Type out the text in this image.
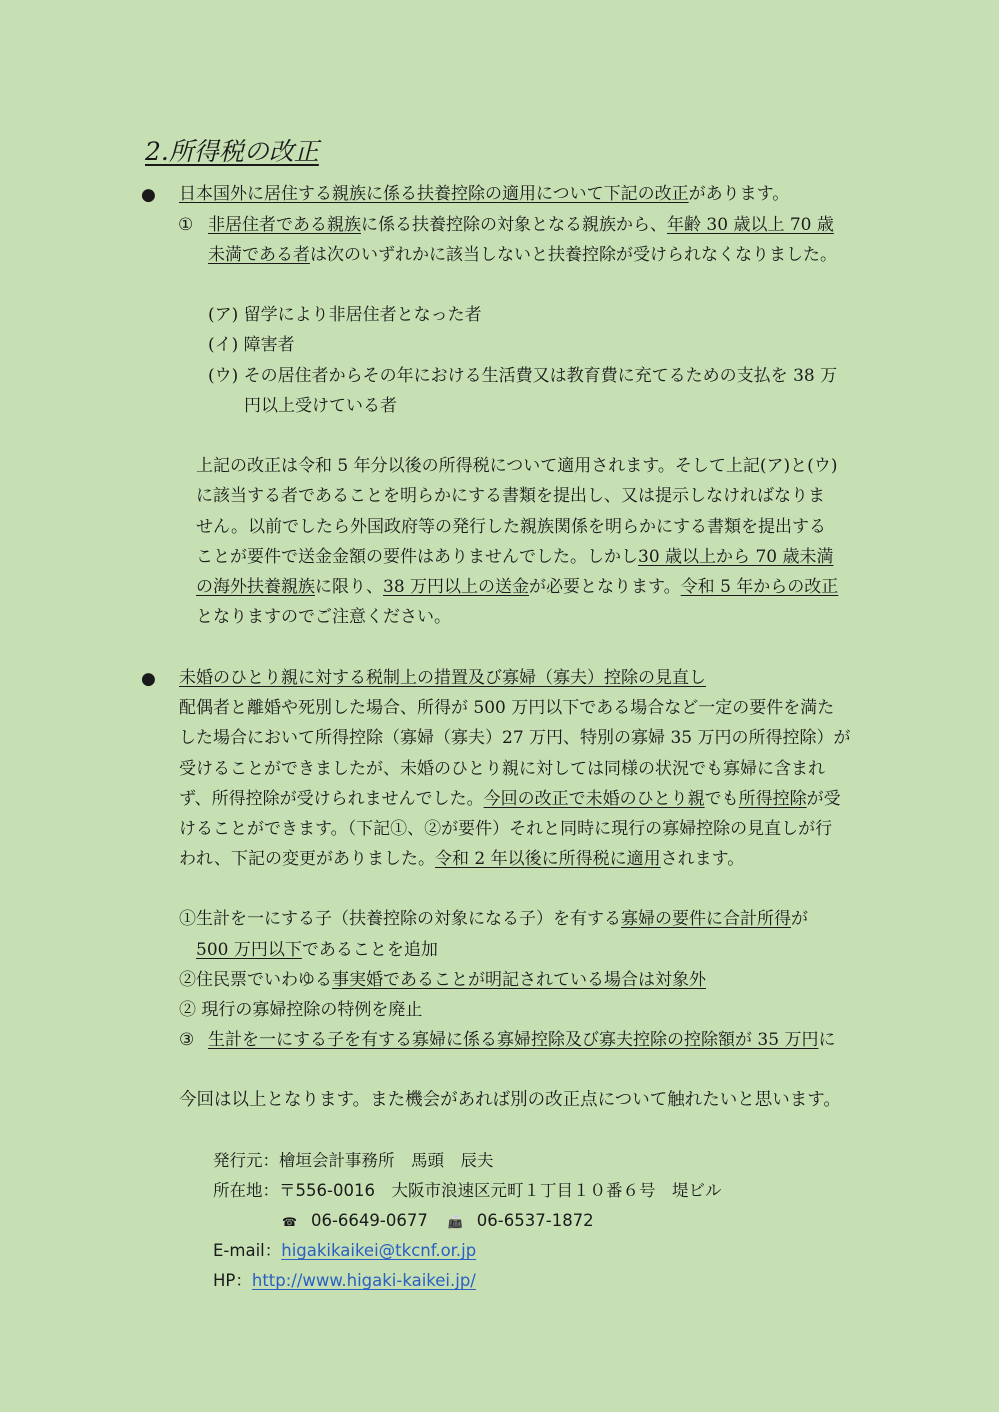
2.所得税の改正
● 日本国外に居住する親族に係る扶養控除の適用について下記の改正があります。
① 非居住者である親族に係る扶養控除の対象となる親族から、年齢 30 歳以上 70 歳
未満である者は次のいずれかに該当しないと扶養控除が受けられなくなりました。
(ア) 留学により非居住者となった者
(イ) 障害者
(ウ) その居住者からその年における生活費又は教育費に充てるための支払を 38 万
円以上受けている者
上記の改正は令和 5 年分以後の所得税について適用されます。そして上記(ア)と(ウ)
に該当する者であることを明らかにする書類を提出し、又は提示しなければなりま
せん。以前でしたら外国政府等の発行した親族関係を明らかにする書類を提出する
ことが要件で送金金額の要件はありませんでした。しかし30 歳以上から 70 歳未満
の海外扶養親族に限り、38 万円以上の送金が必要となります。令和 5 年からの改正
となりますのでご注意ください。
● 未婚のひとり親に対する税制上の措置及び寡婦（寡夫）控除の見直し
配偶者と離婚や死別した場合、所得が 500 万円以下である場合など一定の要件を満た
した場合において所得控除（寡婦（寡夫）27 万円、特別の寡婦 35 万円の所得控除）が
受けることができましたが、未婚のひとり親に対しては同様の状況でも寡婦に含まれ
ず、所得控除が受けられませんでした。今回の改正で未婚のひとり親でも所得控除が受
けることができます。（下記①、②が要件）それと同時に現行の寡婦控除の見直しが行
われ、下記の変更がありました。令和 2 年以後に所得税に適用されます。
①生計を一にする子（扶養控除の対象になる子）を有する寡婦の要件に合計所得が
500 万円以下であることを追加
②住民票でいわゆる事実婚であることが明記されている場合は対象外
② 現行の寡婦控除の特例を廃止
③ 生計を一にする子を有する寡婦に係る寡婦控除及び寡夫控除の控除額が 35 万円に
今回は以上となります。また機会があれば別の改正点について触れたいと思います。
発行元：檜垣会計事務所　馬頭　辰夫
所在地：〒556-0016　大阪市浪速区元町１丁目１０番６号　堤ビル
☎ 06-6649-0677 📠 06-6537-1872
E-mail：higakikaikei@tkcnf.or.jp
HP：http://www.higaki-kaikei.jp/
